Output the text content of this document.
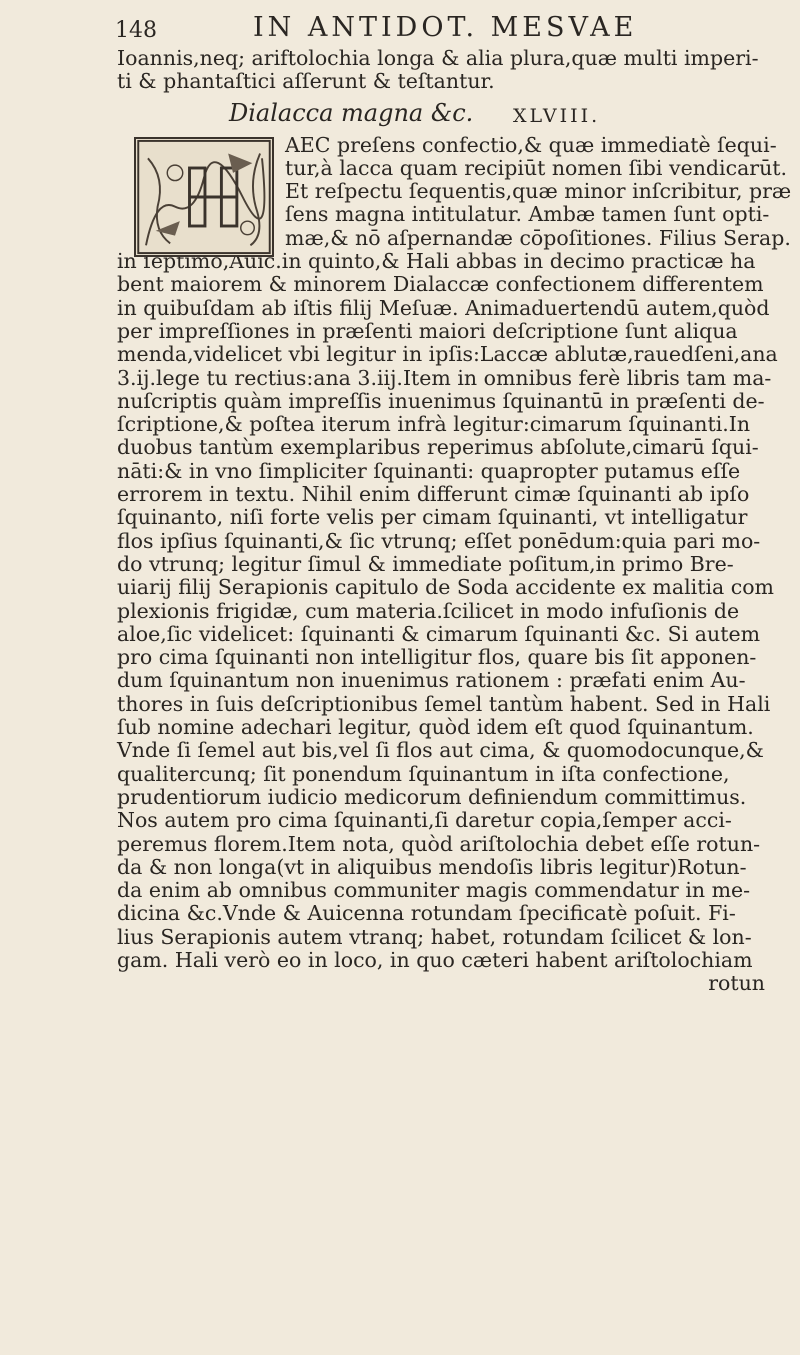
148	IN ANTIDOT. MESVAE
Ioannis,neq; ariftolochia longa & alia plura,quæ multi imperi-
ti & phantaſtici aſſerunt & teſtantur.
Dialacca magna &c. XLVIII.
AEC preſens confectio,& quæ immediatè ſequi-
tur,à lacca quam recipiūt nomen ſibi vendicarūt.
Et reſpectu ſequentis,quæ minor inſcribitur, præ
ſens magna intitulatur. Ambæ tamen ſunt opti-
mæ,& nō aſpernandæ cōpoſitiones. Filius Serap.
in ſeptimo,Auic.in quinto,& Hali abbas in decimo practicæ ha
bent maiorem & minorem Dialaccæ confectionem differentem
in quibuſdam ab iſtis filij Meſuæ. Animaduertendū autem,quòd
per impreſſiones in præſenti maiori deſcriptione ſunt aliqua
menda,videlicet vbi legitur in ipſis:Laccæ ablutæ,rauedſeni,ana
3.ij.lege tu rectius:ana 3.iij.Item in omnibus ferè libris tam ma-
nuſcriptis quàm impreſſis inuenimus ſquinantū in præſenti de-
ſcriptione,& poſtea iterum infrà legitur:cimarum ſquinanti.In
duobus tantùm exemplaribus reperimus abſolute,cimarū ſqui-
nāti:& in vno ſimpliciter ſquinanti: quapropter putamus eſſe
errorem in textu. Nihil enim differunt cimæ ſquinanti ab ipſo
ſquinanto, niſi forte velis per cimam ſquinanti, vt intelligatur
flos ipſius ſquinanti,& ſic vtrunq; eſſet ponēdum:quia pari mo-
do vtrunq; legitur ſimul & immediate poſitum,in primo Bre-
uiarij filij Serapionis capitulo de Soda accidente ex malitia com
plexionis frigidæ, cum materia.ſcilicet in modo infuſionis de
aloe,ſic videlicet: ſquinanti & cimarum ſquinanti &c. Si autem
pro cima ſquinanti non intelligitur flos, quare bis ſit apponen-
dum ſquinantum non inuenimus rationem : præfati enim Au-
thores in ſuis deſcriptionibus ſemel tantùm habent. Sed in Hali
ſub nomine adechari legitur, quòd idem eſt quod ſquinantum.
Vnde ſi ſemel aut bis,vel ſi flos aut cima, & quomodocunque,&
qualitercunq; ſit ponendum ſquinantum in iſta confectione,
prudentiorum iudicio medicorum definiendum committimus.
Nos autem pro cima ſquinanti,ſi daretur copia,ſemper acci-
peremus florem.Item nota, quòd ariſtolochia debet eſſe rotun-
da & non longa(vt in aliquibus mendoſis libris legitur)Rotun-
da enim ab omnibus communiter magis commendatur in me-
dicina &c.Vnde & Auicenna rotundam ſpecificatè poſuit. Fi-
lius Serapionis autem vtranq; habet, rotundam ſcilicet & lon-
gam. Hali verò eo in loco, in quo cæteri habent ariſtolochiam
rotun
